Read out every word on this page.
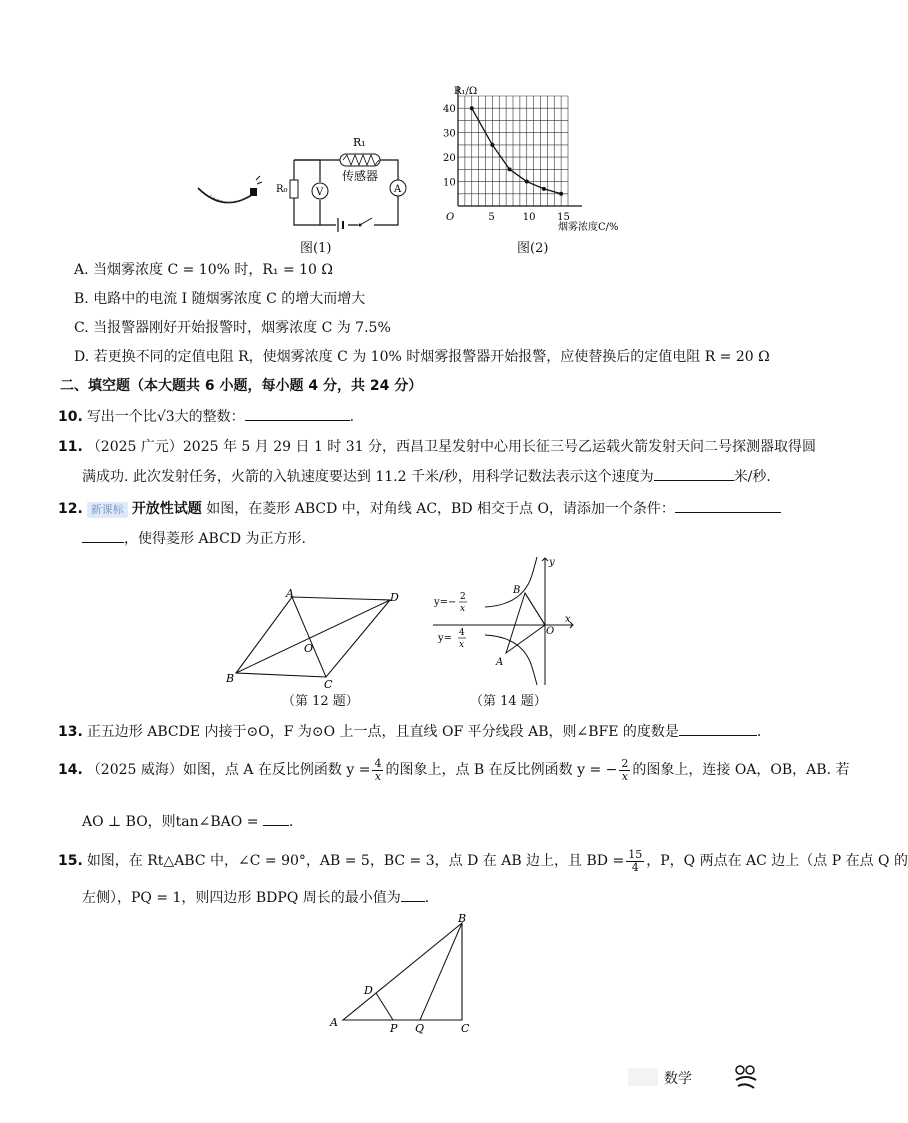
R₁
传感器
R₀	V	A
图(1)
5	10 15
10
20
30
40
O
R₁/Ω
烟雾浓度C/%
图(2)
A. 当烟雾浓度 C = 10% 时，R₁ = 10 Ω
B. 电路中的电流 I 随烟雾浓度 C 的增大而增大
C. 当报警器刚好开始报警时，烟雾浓度 C 为 7.5%
D. 若更换不同的定值电阻 R，使烟雾浓度 C 为 10% 时烟雾报警器开始报警，应使替换后的定值电阻 R = 20 Ω
二、填空题（本大题共 6 小题，每小题 4 分，共 24 分）
10. 写出一个比√3大的整数：	.
11. （2025 广元）2025 年 5 月 29 日 1 时 31 分，西昌卫星发射中心用长征三号乙运载火箭发射天问二号探测器取得圆
满成功. 此次发射任务，火箭的入轨速度要达到 11.2 千米/秒，用科学记数法表示这个速度为	米/秒.
12. 新课标 开放性试题 如图，在菱形 ABCD 中，对角线 AC，BD 相交于点 O，请添加一个条件：
，使得菱形 ABCD 为正方形.
A	D
B	C
O
（第 12 题）
y=− 2
x
y= 4
x
B
A
O
x
y
（第 14 题）
13. 正五边形 ABCDE 内接于⊙O，F 为⊙O 上一点，且直线 OF 平分线段 AB，则∠BFE 的度数是	.
14. （2025 威海）如图，点 A 在反比例函数 $y = \frac{4}{x}$ 的图象上，点 B 在反比例函数 y = − $\frac{2}{x}$ 的图象上，连接 OA，OB，AB. 若
AO ⊥ BO，则tan∠BAO = .
15. 如图，在 Rt△ABC 中，∠C = 90°，AB = 5，BC = 3，点 D 在 AB 边上，且 BD = $\frac{15}{4}$ ，P，Q 两点在 AC 边上（点 P 在点 Q 的
左侧），PQ = 1，则四边形 BDPQ 周长的最小值为 .
A
B
C
D
P Q
数学
